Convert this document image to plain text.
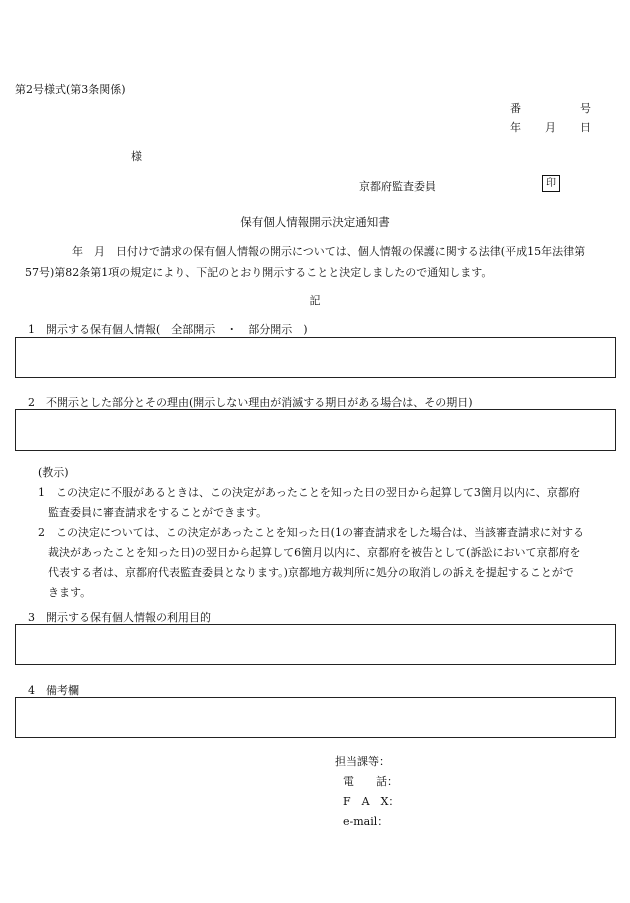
第2号様式(第3条関係)
番	号
年 月 日
様
京都府監査委員	印
保有個人情報開示決定通知書
年　月　日付けで請求の保有個人情報の開示については、個人情報の保護に関する法律(平成15年法律第
57号)第82条第1項の規定により、下記のとおり開示することと決定しましたので通知します。
記
1　開示する保有個人情報(　全部開示　・　部分開示　)
2　不開示とした部分とその理由(開示しない理由が消滅する期日がある場合は、その期日)
(教示)
1　この決定に不服があるときは、この決定があったことを知った日の翌日から起算して3箇月以内に、京都府
監査委員に審査請求をすることができます。
2　この決定については、この決定があったことを知った日(1の審査請求をした場合は、当該審査請求に対する
裁決があったことを知った日)の翌日から起算して6箇月以内に、京都府を被告として(訴訟において京都府を
代表する者は、京都府代表監査委員となります。)京都地方裁判所に処分の取消しの訴えを提起することがで
きます。
3　開示する保有個人情報の利用目的
4　備考欄
担当課等：
電　　話：
F　A　X：
e-mail：
